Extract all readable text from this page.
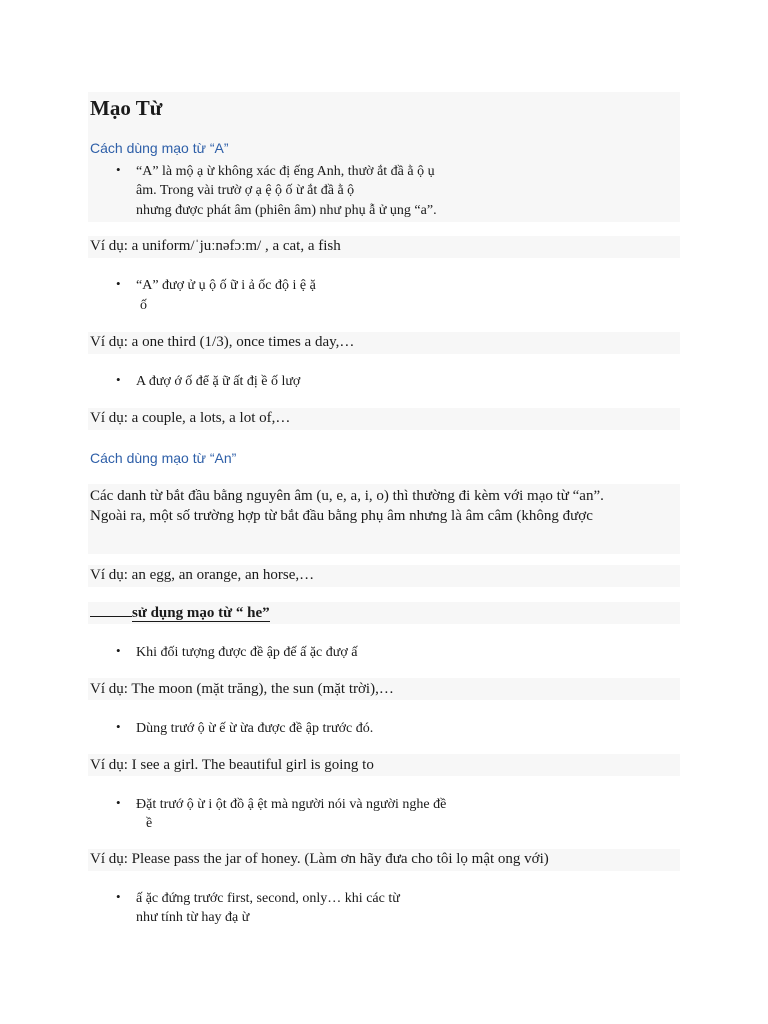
Mạo Từ
Cách dùng mạo từ “A”
• “A” là mộ ạ ừ không xác đị ếng Anh, thườ ắt đầ ằ ộ ụ
âm. Trong vài trườ ợ ạ ệ ộ ố ừ ắt đầ ằ ộ
nhưng được phát âm (phiên âm) như phụ ẫ ử ụng “a”.
Ví dụ: a uniform/ˈjuːnəfɔːm/ , a cat, a fish
• “A” đượ ử ụ ộ ố ữ i ả ốc độ i ệ ặ
ố
Ví dụ: a one third (1/3), once times a day,…
• A đượ ớ ố để ặ ữ ất đị ề ố lượ
Ví dụ: a couple, a lots, a lot of,…
Cách dùng mạo từ “An”
Các danh từ bắt đầu bằng nguyên âm (u, e, a, i, o) thì thường đi kèm với mạo từ “an”.
Ngoài ra, một số trường hợp từ bắt đầu bằng phụ âm nhưng là âm câm (không được
Ví dụ: an egg, an orange, an horse,…
sử dụng mạo từ “ he”
• Khi đối tượng được đề ập đế ấ ặc đượ ấ
Ví dụ: The moon (mặt trăng), the sun (mặt trời),…
• Dùng trướ ộ ừ ế ừ ừa được đề ập trước đó.
Ví dụ: I see a girl. The beautiful girl is going to
• Đặt trướ ộ ừ i ột đồ ậ ệt mà người nói và người nghe đề
ề
Ví dụ: Please pass the jar of honey. (Làm ơn hãy đưa cho tôi lọ mật ong với)
• ấ ặc đứng trước first, second, only… khi các từ
như tính từ hay đạ ừ
